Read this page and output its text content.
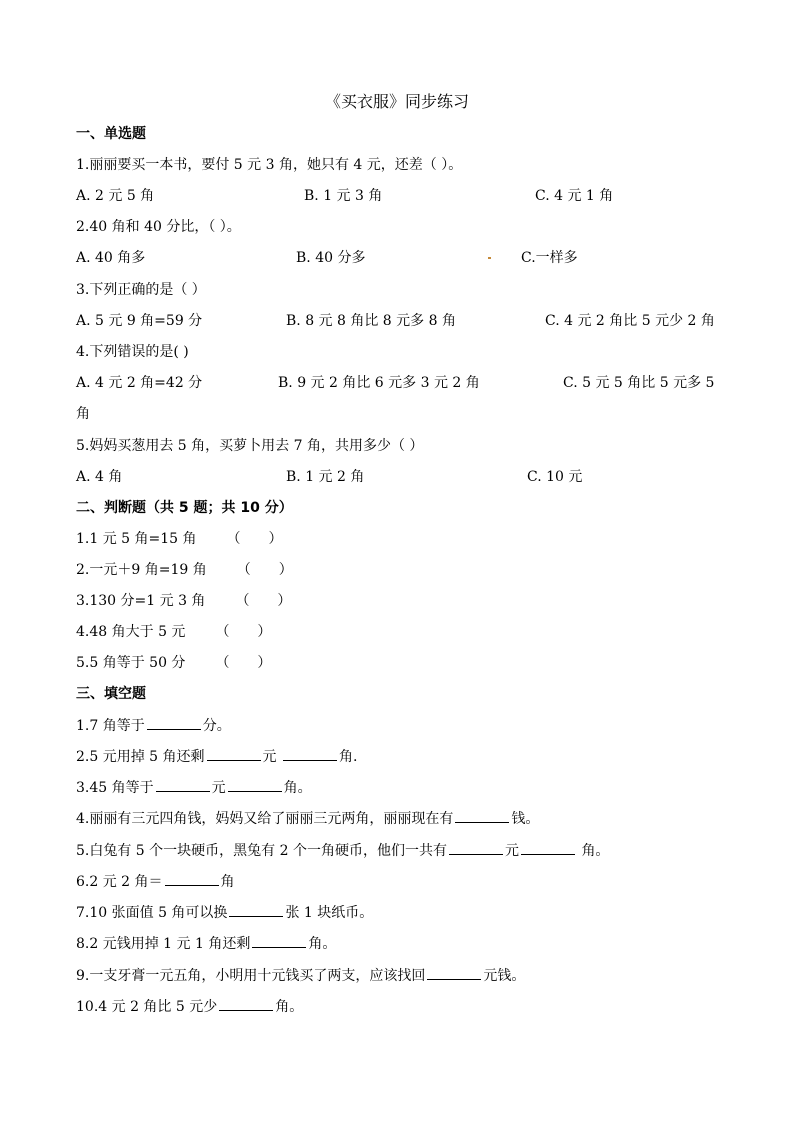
《买衣服》同步练习
一、单选题
1.丽丽要买一本书，要付 5 元 3 角，她只有 4 元，还差（ ）。
A. 2 元 5 角	B. 1 元 3 角	C. 4 元 1 角
2.40 角和 40 分比，（ ）。
A. 40 角多	B. 40 分多	C.一样多
3.下列正确的是（ ）
A. 5 元 9 角=59 分	B. 8 元 8 角比 8 元多 8 角	C. 4 元 2 角比 5 元少 2 角
4.下列错误的是( )
A. 4 元 2 角=42 分	B. 9 元 2 角比 6 元多 3 元 2 角	C. 5 元 5 角比 5 元多 5
角
5.妈妈买葱用去 5 角，买萝卜用去 7 角，共用多少（ ）
A. 4 角	B. 1 元 2 角	C. 10 元
二、判断题（共 5 题；共 10 分）
1.1 元 5 角=15 角 （　　）
2.一元＋9 角=19 角 （　　）
3.130 分=1 元 3 角 （　　）
4.48 角大于 5 元 （　　）
5.5 角等于 50 分 （　　）
三、填空题
1.7 角等于	分。
2.5 元用掉 5 角还剩	元	角.
3.45 角等于	元	角。
4.丽丽有三元四角钱，妈妈又给了丽丽三元两角，丽丽现在有	钱。
5.白兔有 5 个一块硬币，黑兔有 2 个一角硬币，他们一共有	元	角。
6.2 元 2 角＝	角
7.10 张面值 5 角可以换	张 1 块纸币。
8.2 元钱用掉 1 元 1 角还剩	角。
9.一支牙膏一元五角，小明用十元钱买了两支，应该找回	元钱。
10.4 元 2 角比 5 元少	角。
